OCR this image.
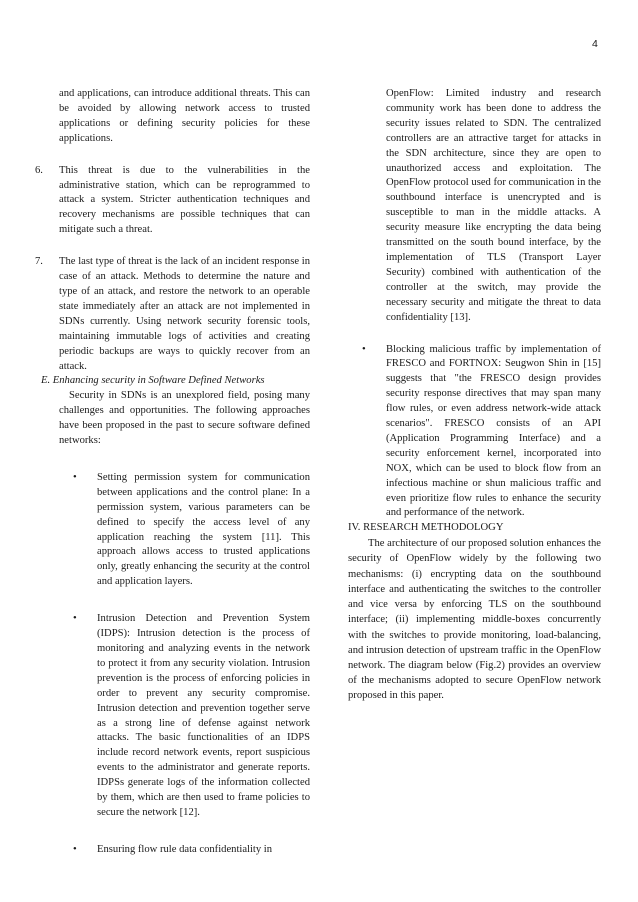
4

and applications, can introduce additional threats. This can be avoided by allowing network access to trusted applications or defining security policies for these applications.

6.	This threat is due to the vulnerabilities in the administrative station, which can be reprogrammed to attack a system. Stricter authentication techniques and recovery mechanisms are possible techniques that can mitigate such a threat.
7.	The last type of threat is the lack of an incident response in case of an attack. Methods to determine the nature and type of an attack, and restore the network to an operable state immediately after an attack are not implemented in SDNs currently. Using network security forensic tools, maintaining immutable logs of activities and creating periodic backups are ways to quickly recover from an attack.

E. Enhancing security in Software Defined Networks

Security in SDNs is an unexplored field, posing many challenges and opportunities. The following approaches have been proposed in the past to secure software defined networks:

•	Setting permission system for communication between applications and the control plane: In a permission system, various parameters can be defined to specify the access level of any application reaching the system [11]. This approach allows access to trusted applications only, greatly enhancing the security at the control and application layers.
•	Intrusion Detection and Prevention System (IDPS): Intrusion detection is the process of monitoring and analyzing events in the network to protect it from any security violation. Intrusion prevention is the process of enforcing policies in order to prevent any security compromise. Intrusion detection and prevention together serve as a strong line of defense against network attacks. The basic functionalities of an IDPS include record network events, report suspicious events to the administrator and generate reports. IDPSs generate logs of the information collected by them, which are then used to frame policies to secure the network [12].
•	Ensuring flow rule data confidentiality in

OpenFlow: Limited industry and research community work has been done to address the security issues related to SDN. The centralized controllers are an attractive target for attacks in the SDN architecture, since they are open to unauthorized access and exploitation. The OpenFlow protocol used for communication in the southbound interface is unencrypted and is susceptible to man in the middle attacks. A security measure like encrypting the data being transmitted on the south bound interface, by the implementation of TLS (Transport Layer Security) combined with authentication of the controller at the switch, may provide the necessary security and mitigate the threat to data confidentiality [13].

•	Blocking malicious traffic by implementation of FRESCO and FORTNOX: Seugwon Shin in [15] suggests that "the FRESCO design provides security response directives that may span many flow rules, or even address network-wide attack scenarios". FRESCO consists of an API (Application Programming Interface) and a security enforcement kernel, incorporated into NOX, which can be used to block flow from an infectious machine or shun malicious traffic and even prioritize flow rules to enhance the security and performance of the network.

IV. RESEARCH METHODOLOGY

The architecture of our proposed solution enhances the security of OpenFlow widely by the following two mechanisms: (i) encrypting data on the southbound interface and authenticating the switches to the controller and vice versa by enforcing TLS on the southbound interface; (ii) implementing middle-boxes concurrently with the switches to provide monitoring, load-balancing, and intrusion detection of upstream traffic in the OpenFlow network. The diagram below (Fig.2) provides an overview of the mechanisms adopted to secure OpenFlow network proposed in this paper.
